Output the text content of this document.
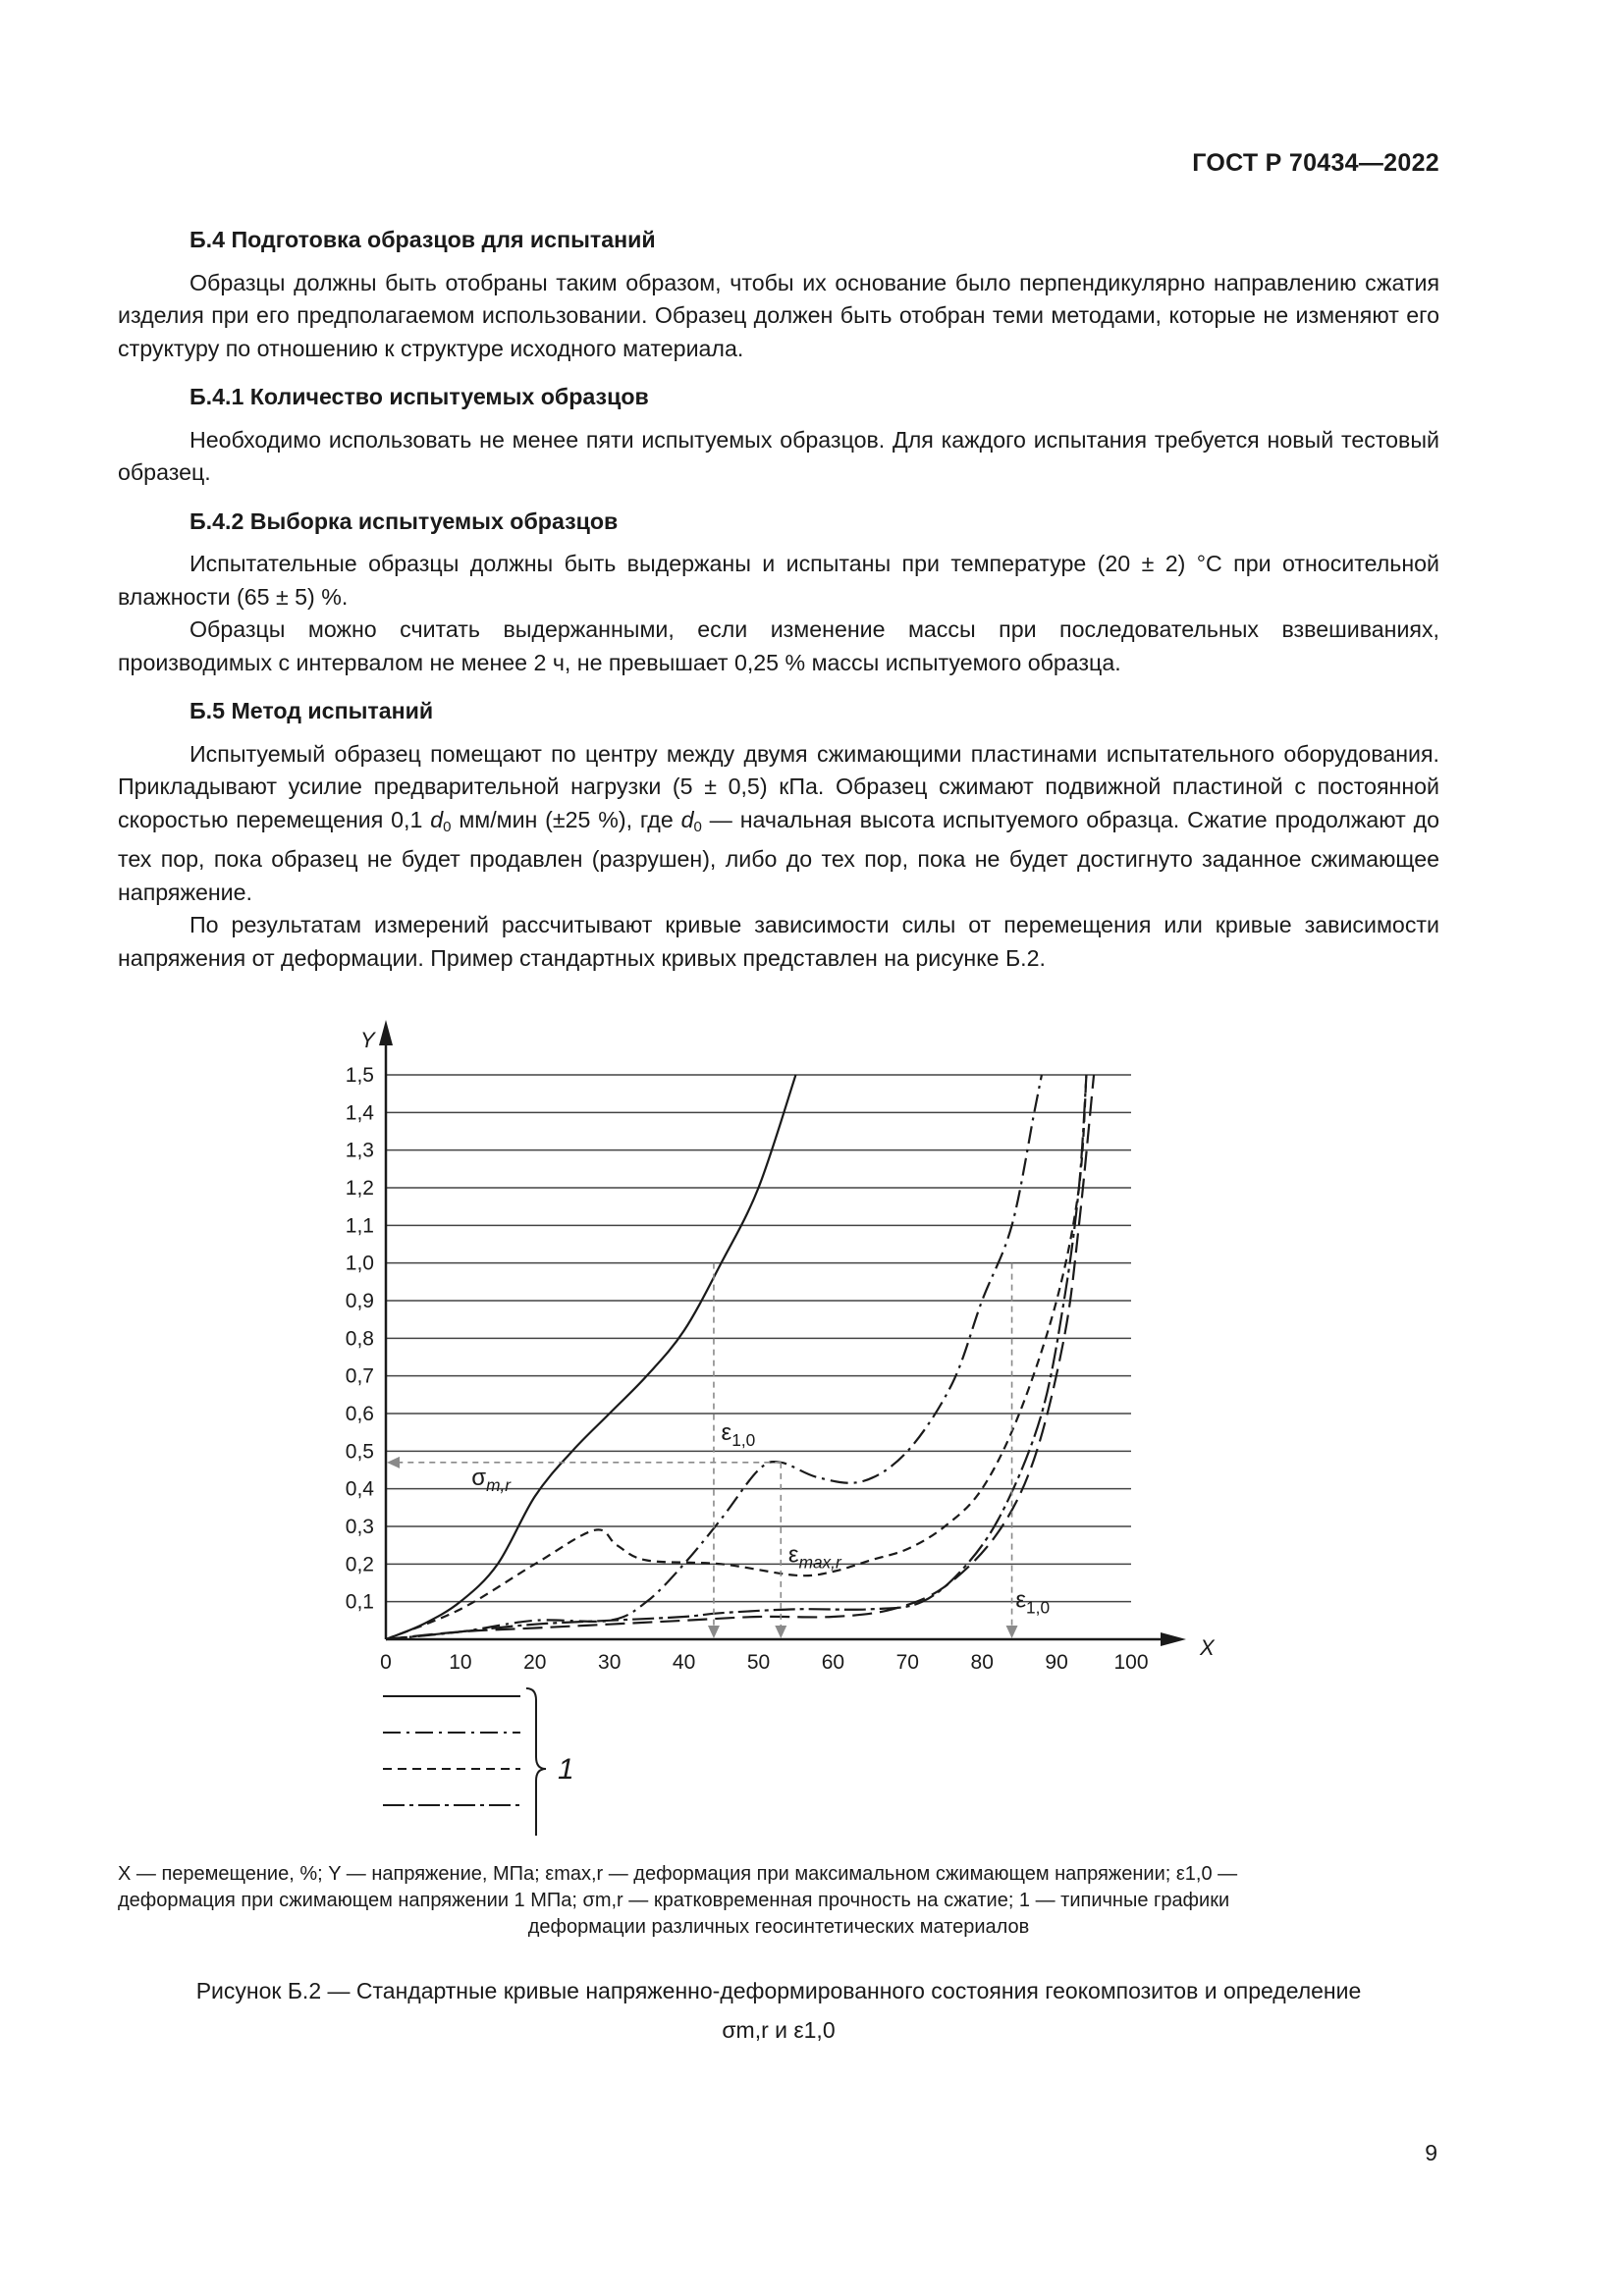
ГОСТ Р 70434—2022

Б.4 Подготовка образцов для испытаний

Образцы должны быть отобраны таким образом, чтобы их основание было перпендикулярно направлению сжатия изделия при его предполагаемом использовании. Образец должен быть отобран теми методами, которые не изменяют его структуру по отношению к структуре исходного материала.

Б.4.1 Количество испытуемых образцов

Необходимо использовать не менее пяти испытуемых образцов. Для каждого испытания требуется новый тестовый образец.

Б.4.2 Выборка испытуемых образцов

Испытательные образцы должны быть выдержаны и испытаны при температуре (20 ± 2) °С при относительной влажности (65 ± 5) %.

Образцы можно считать выдержанными, если изменение массы при последовательных взвешиваниях, производимых с интервалом не менее 2 ч, не превышает 0,25 % массы испытуемого образца.

Б.5 Метод испытаний

Испытуемый образец помещают по центру между двумя сжимающими пластинами испытательного оборудования. Прикладывают усилие предварительной нагрузки (5 ± 0,5) кПа. Образец сжимают подвижной пластиной с постоянной скоростью перемещения 0,1 $d_0$ мм/мин (±25 %), где $d_0$ — начальная высота испытуемого образца. Сжатие продолжают до тех пор, пока образец не будет продавлен (разрушен), либо до тех пор, пока не будет достигнуто заданное сжимающее напряжение.

По результатам измерений рассчитывают кривые зависимости силы от перемещения или кривые зависимости напряжения от деформации. Пример стандартных кривых представлен на рисунке Б.2.

0,1
0,2
0,3
0,4
0,5
0,6
0,7
0,8
0,9
1,0
1,1
1,2
1,3
1,4
1,5
Y
X
0	10	20	30	40	50	60	70	80	90 100
$\sigma_{m,r}$
$\varepsilon_{1,0}$
$\varepsilon_{max,r}$
$\varepsilon_{1,0}$
1
X — перемещение, %; Y — напряжение, МПа; εmax,r — деформация при максимальном сжимающем напряжении; ε1,0 —
деформация при сжимающем напряжении 1 МПа; σm,r — кратковременная прочность на сжатие; 1 — типичные графики
деформации различных геосинтетических материалов
Рисунок Б.2 — Стандартные кривые напряженно-деформированного состояния геокомпозитов и определение
σm,r и ε1,0
9
